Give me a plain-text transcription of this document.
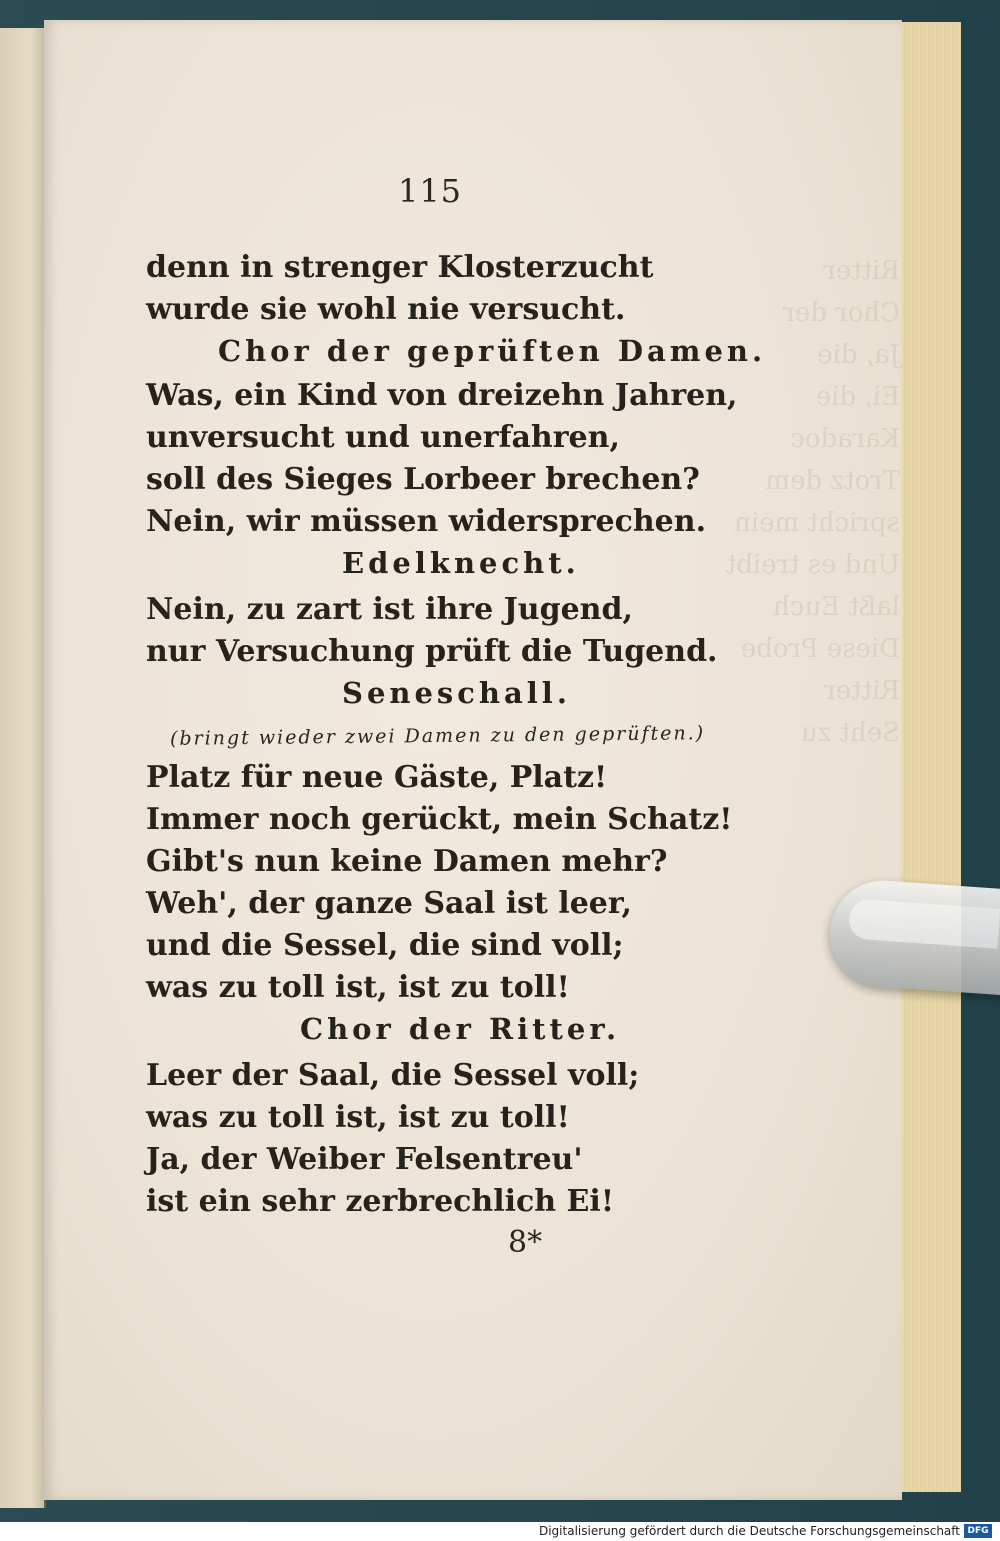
Ritter
Chor der
Ja, die
Ei, die
Karadoc
Trotz dem
spricht mein
Und es treibt
laßt Euch
Diese Probe
Ritter
Seht zu
115
denn in strenger Klosterzucht
wurde sie wohl nie versucht.
Chor der geprüften Damen.
Was, ein Kind von dreizehn Jahren,
unversucht und unerfahren,
soll des Sieges Lorbeer brechen?
Nein, wir müssen widersprechen.
Edelknecht.
Nein, zu zart ist ihre Jugend,
nur Versuchung prüft die Tugend.
Seneschall.
(bringt wieder zwei Damen zu den geprüften.)
Platz für neue Gäste, Platz!
Immer noch gerückt, mein Schatz!
Gibt's nun keine Damen mehr?
Weh', der ganze Saal ist leer,
und die Sessel, die sind voll;
was zu toll ist, ist zu toll!
Chor der Ritter.
Leer der Saal, die Sessel voll;
was zu toll ist, ist zu toll!
Ja, der Weiber Felsentreu'
ist ein sehr zerbrechlich Ei!
8*
Digitalisierung gefördert durch die Deutsche Forschungsgemeinschaft DFG
